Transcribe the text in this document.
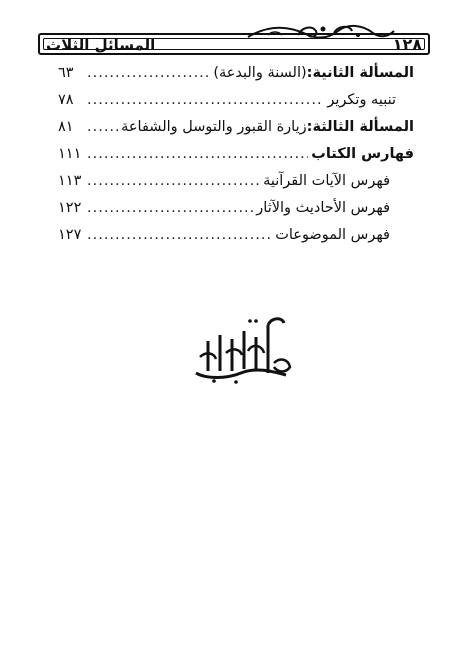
المسائل الثلاث	١٢٨
المسألة الثانية:
(السنة والبدعة)
.....
٦٣
تنبيه وتكرير
.....
٧٨
المسألة الثالثة:
زيارة القبور والتوسل والشفاعة
.....
٨١
فهارس الكتاب
.....
١١١
فهرس الآيات القرآنية
.....
١١٣
فهرس الأحاديث والآثار
.....
١٢٢
فهرس الموضوعات
.....
١٢٧
